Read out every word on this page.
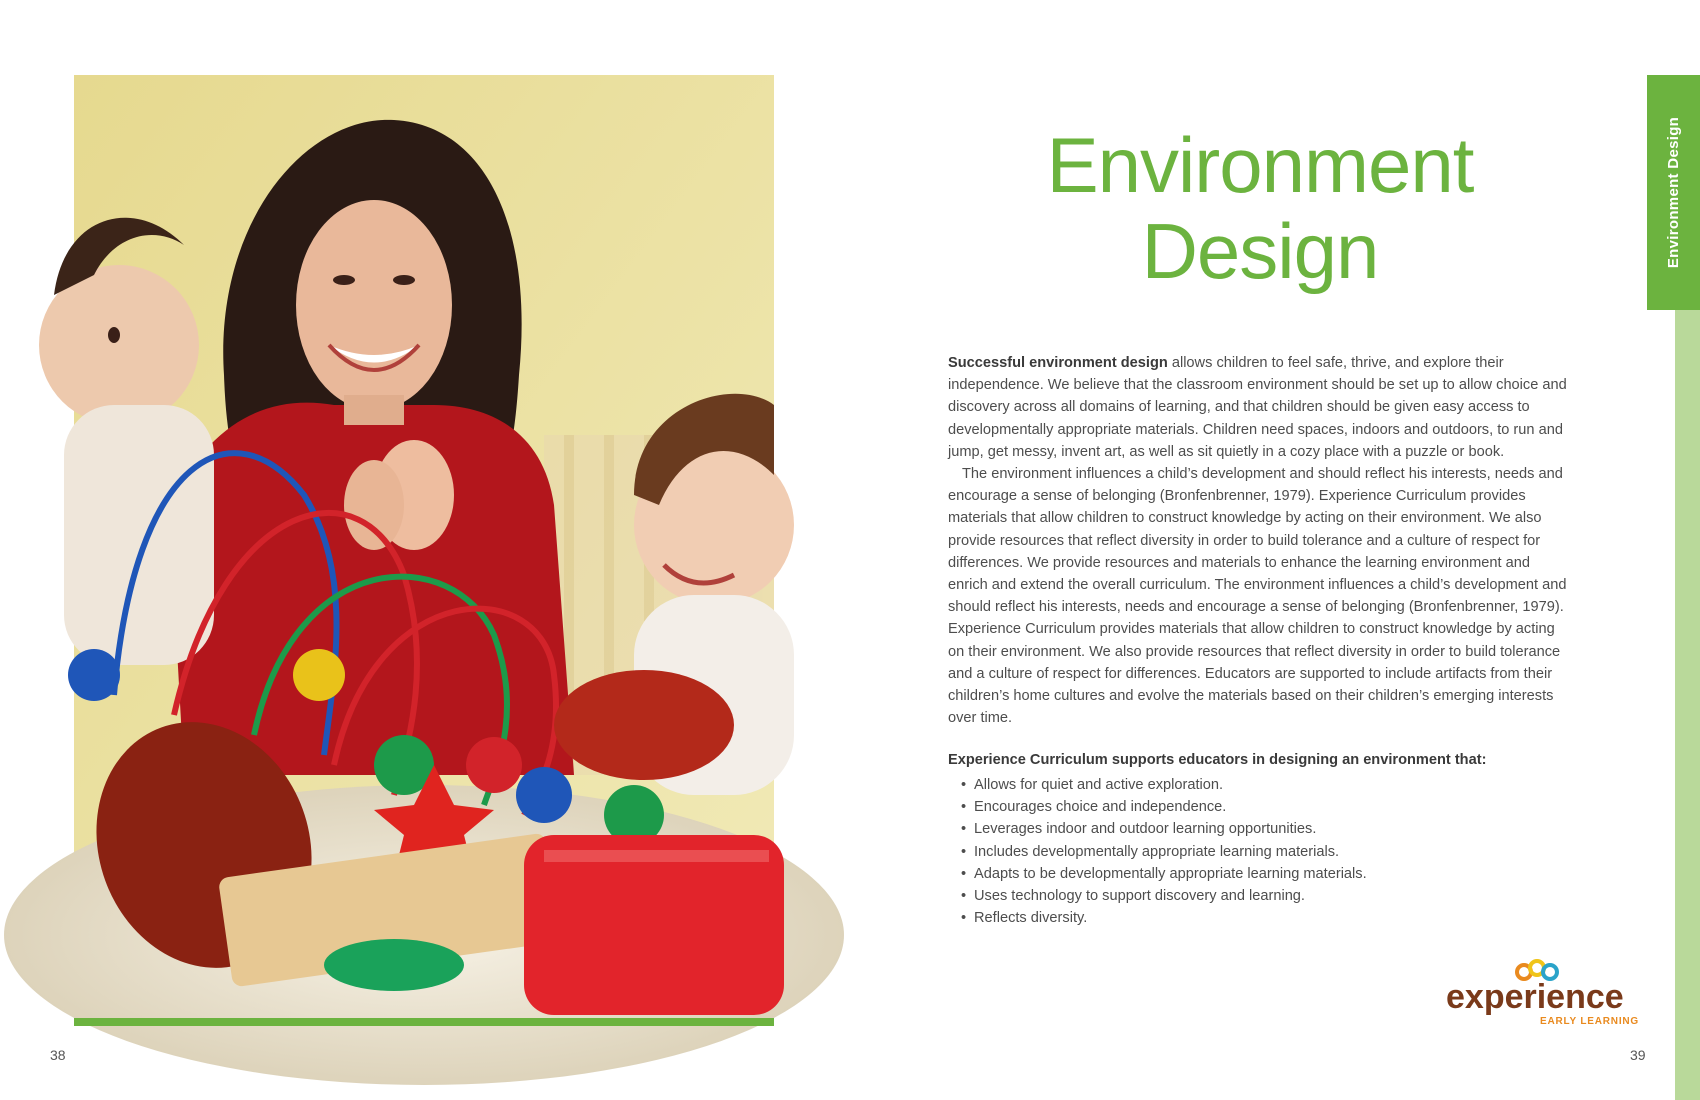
38
Environment Design
Environment
Design

Successful environment design allows children to feel safe, thrive, and explore their independence. We believe that the classroom environment should be set up to allow choice and discovery across all domains of learning, and that children should be given easy access to developmentally appropriate materials. Children need spaces, indoors and outdoors, to run and jump, get messy, invent art, as well as sit quietly in a cozy place with a puzzle or book.

The environment influences a child’s development and should reflect his interests, needs and encourage a sense of belonging (Bronfenbrenner, 1979). Experience Curriculum provides materials that allow children to construct knowledge by acting on their environment. We also provide resources that reflect diversity in order to build tolerance and a culture of respect for differences. We provide resources and materials to enhance the learning environment and enrich and extend the overall curriculum. The environment influences a child’s development and should reflect his interests, needs and encourage a sense of belonging (Bronfenbrenner, 1979). Experience Curriculum provides materials that allow children to construct knowledge by acting on their environment. We also provide resources that reflect diversity in order to build tolerance and a culture of respect for differences. Educators are supported to include artifacts from their children’s home cultures and evolve the materials based on their children’s emerging interests over time.

Experience Curriculum supports educators in designing an environment that:

• Allows for quiet and active exploration.
• Encourages choice and independence.
• Leverages indoor and outdoor learning opportunities.
• Includes developmentally appropriate learning materials.
• Adapts to be developmentally appropriate learning materials.
• Uses technology to support discovery and learning.
• Reflects diversity.
experience
EARLY LEARNING
39
